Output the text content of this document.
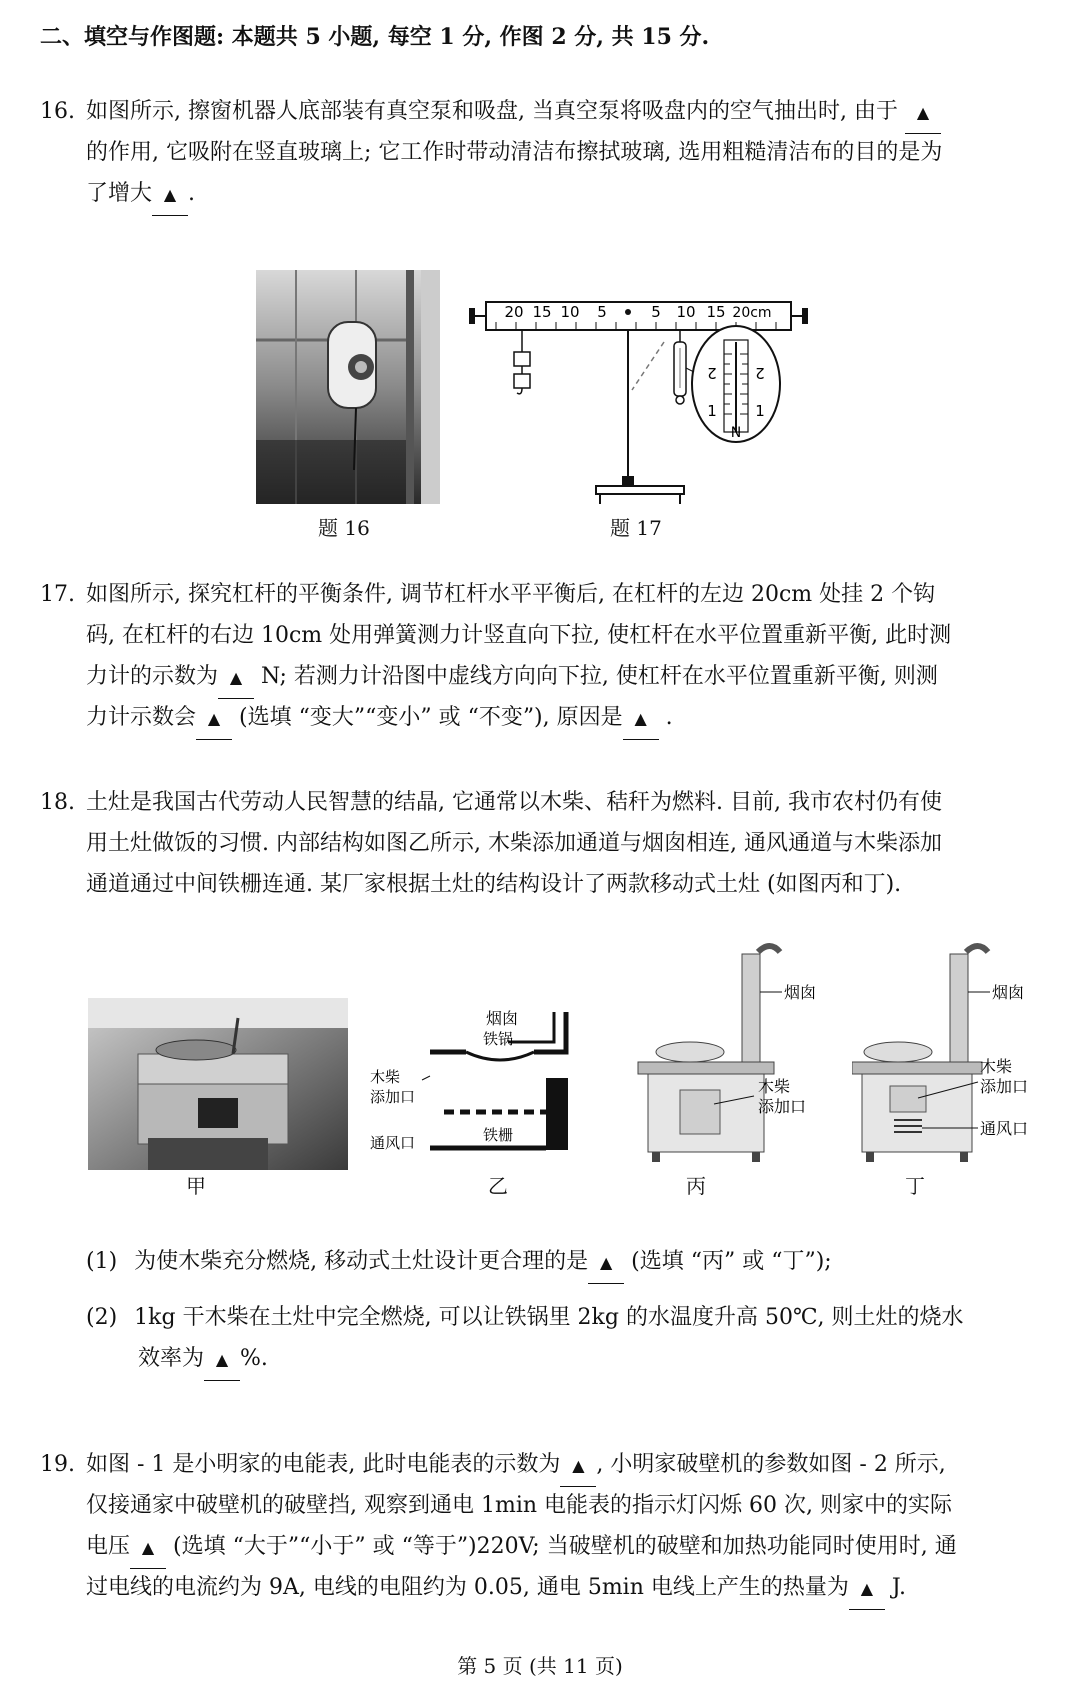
二、填空与作图题: 本题共 5 小题, 每空 1 分, 作图 2 分, 共 15 分.
16. 如图所示, 擦窗机器人底部装有真空泵和吸盘, 当真空泵将吸盘内的空气抽出时, 由于 ▲
的作用, 它吸附在竖直玻璃上; 它工作时带动清洁布擦拭玻璃, 选用粗糙清洁布的目的是为
了增大 ▲ .
题 16
20 15 10 5	5 10 15 20cm
1
2	2
1
N
题 17
17. 如图所示, 探究杠杆的平衡条件, 调节杠杆水平平衡后, 在杠杆的左边 20cm 处挂 2 个钩
码, 在杠杆的右边 10cm 处用弹簧测力计竖直向下拉, 使杠杆在水平位置重新平衡, 此时测
力计的示数为 ▲ N; 若测力计沿图中虚线方向向下拉, 使杠杆在水平位置重新平衡, 则测
力计示数会 ▲ (选填 “变大”“变小” 或 “不变”), 原因是 ▲ .
18. 土灶是我国古代劳动人民智慧的结晶, 它通常以木柴、秸秆为燃料. 目前, 我市农村仍有使
用土灶做饭的习惯. 内部结构如图乙所示, 木柴添加通道与烟囱相连, 通风通道与木柴添加
通道通过中间铁栅连通. 某厂家根据土灶的结构设计了两款移动式土灶 (如图丙和丁).
甲
烟囱
铁锅
木柴
添加口
通风口	铁栅
乙
烟囱
木柴
添加口
丙
烟囱
木柴
添加口
通风口
丁
(1) 为使木柴充分燃烧, 移动式土灶设计更合理的是 ▲ (选填 “丙” 或 “丁”);
(2) 1kg 干木柴在土灶中完全燃烧, 可以让铁锅里 2kg 的水温度升高 50℃, 则土灶的烧水
效率为 ▲ %.
19. 如图 - 1 是小明家的电能表, 此时电能表的示数为 ▲ , 小明家破壁机的参数如图 - 2 所示,
仅接通家中破壁机的破壁挡, 观察到通电 1min 电能表的指示灯闪烁 60 次, 则家中的实际
电压 ▲ (选填 “大于”“小于” 或 “等于”)220V; 当破壁机的破壁和加热功能同时使用时, 通
过电线的电流约为 9A, 电线的电阻约为 0.05, 通电 5min 电线上产生的热量为 ▲ J.
第 5 页 (共 11 页)
